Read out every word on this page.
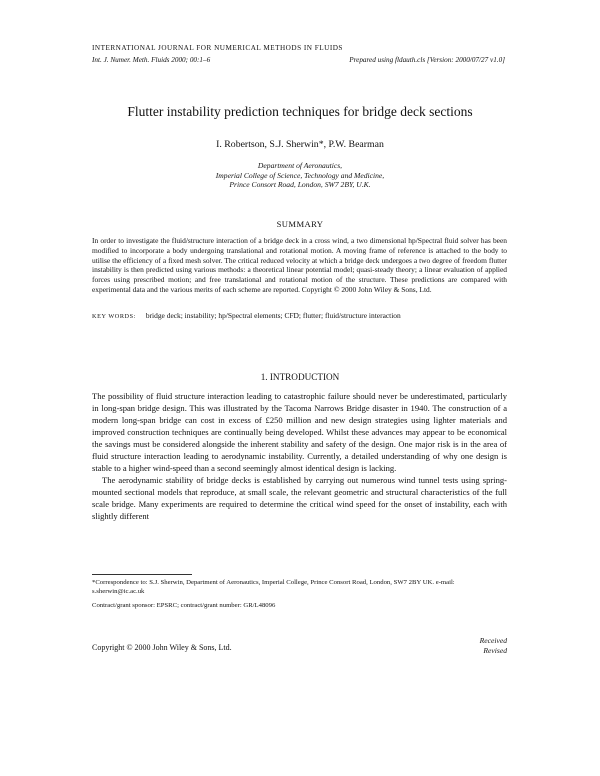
INTERNATIONAL JOURNAL FOR NUMERICAL METHODS IN FLUIDS
Int. J. Numer. Meth. Fluids 2000; 00:1–6	Prepared using fldauth.cls [Version: 2000/07/27 v1.0]
Flutter instability prediction techniques for bridge deck sections
I. Robertson, S.J. Sherwin*, P.W. Bearman
Department of Aeronautics,
Imperial College of Science, Technology and Medicine,
Prince Consort Road, London, SW7 2BY, U.K.
SUMMARY
In order to investigate the fluid/structure interaction of a bridge deck in a cross wind, a two dimensional hp/Spectral fluid solver has been modified to incorporate a body undergoing translational and rotational motion. A moving frame of reference is attached to the body to utilise the efficiency of a fixed mesh solver. The critical reduced velocity at which a bridge deck undergoes a two degree of freedom flutter instability is then predicted using various methods: a theoretical linear potential model; quasi-steady theory; a linear evaluation of applied forces using prescribed motion; and free translational and rotational motion of the structure. These predictions are compared with experimental data and the various merits of each scheme are reported. Copyright © 2000 John Wiley & Sons, Ltd.
KEY WORDS: bridge deck; instability; hp/Spectral elements; CFD; flutter; fluid/structure interaction
1. INTRODUCTION

The possibility of fluid structure interaction leading to catastrophic failure should never be underestimated, particularly in long-span bridge design. This was illustrated by the Tacoma Narrows Bridge disaster in 1940. The construction of a modern long-span bridge can cost in excess of £250 million and new design strategies using lighter materials and improved construction techniques are continually being developed. Whilst these advances may appear to be economical the savings must be considered alongside the inherent stability and safety of the design. One major risk is in the area of fluid structure interaction leading to aerodynamic instability. Currently, a detailed understanding of why one design is stable to a higher wind-speed than a second seemingly almost identical design is lacking.

The aerodynamic stability of bridge decks is established by carrying out numerous wind tunnel tests using spring-mounted sectional models that reproduce, at small scale, the relevant geometric and structural characteristics of the full scale bridge. Many experiments are required to determine the critical wind speed for the onset of instability, each with slightly different

*Correspondence to: S.J. Sherwin, Department of Aeronautics, Imperial College, Prince Consort Road, London, SW7 2BY UK. e-mail: s.sherwin@ic.ac.uk
Contract/grant sponsor: EPSRC; contract/grant number: GR/L48096
Copyright © 2000 John Wiley & Sons, Ltd.
Received
Revised
